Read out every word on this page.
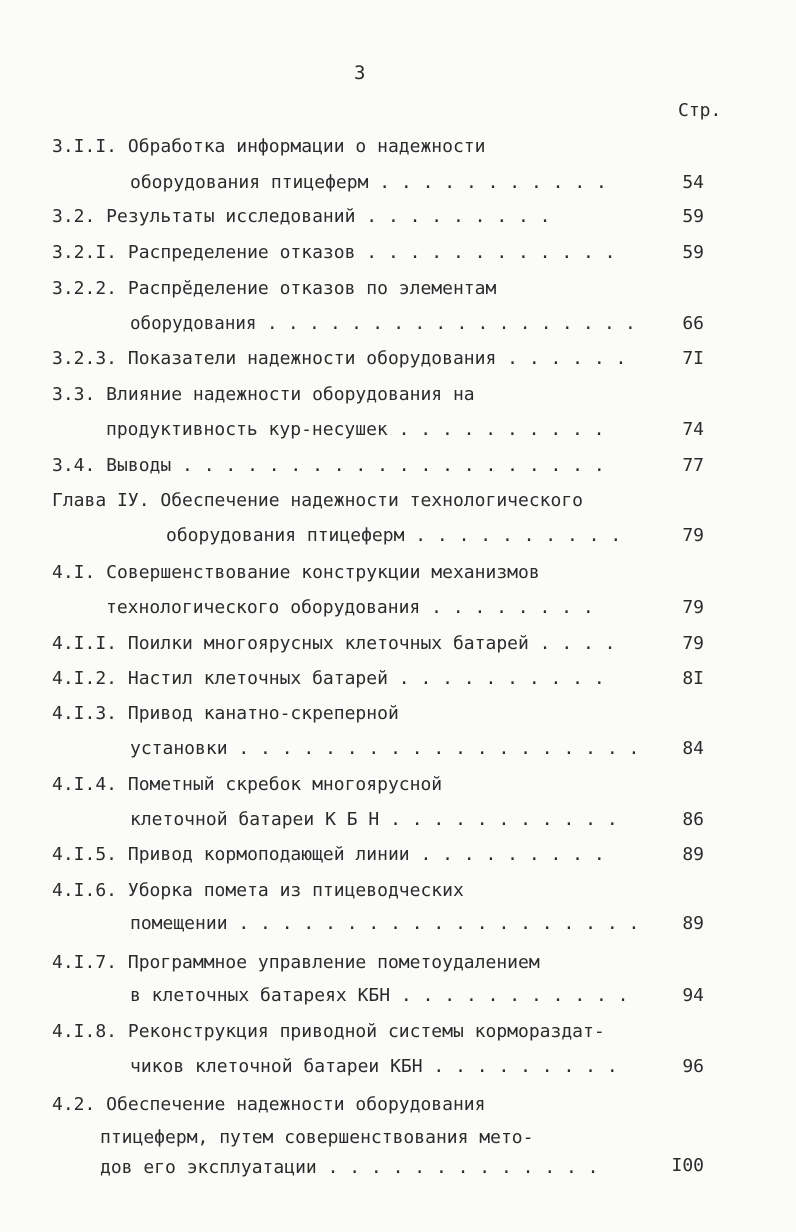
3
Стр.
3.I.I. Обработка информации о надежности
оборудования птицеферм . . . . . . . . . . .	54
3.2. Результаты исследований . . . . . . . . .	59
3.2.I. Распределение отказов . . . . . . . . . . . .	59
3.2.2. Распрĕделение отказов по элементам
оборудования . . . . . . . . . . . . . . . . . .	66
3.2.3. Показатели надежности оборудования . . . . . .	7I
3.3. Влияние надежности оборудования на
продуктивность кур-несушек . . . . . . . . . .	74
3.4. Выводы . . . . . . . . . . . . . . . . . . . .	77
Глава IУ. Обеспечение надежности технологического
оборудования птицеферм . . . . . . . . . .	79
4.I. Совершенствование конструкции механизмов
технологического оборудования . . . . . . . .	79
4.I.I. Поилки многоярусных клеточных батарей . . . .	79
4.I.2. Настил клеточных батарей . . . . . . . . . .	8I
4.I.3. Привод канатно-скреперной
установки . . . . . . . . . . . . . . . . . . .	84
4.I.4. Пометный скребок многоярусной
клеточной батареи К Б Н . . . . . . . . . . .	86
4.I.5. Привод кормоподающей линии . . . . . . . . .	89
4.I.6. Уборка помета из птицеводческих
помещении . . . . . . . . . . . . . . . . . . .	89
4.I.7. Программное управление пометоудалением
в клеточных батареях КБН . . . . . . . . . . .	94
4.I.8. Реконструкция приводной системы кормораздат-
чиков клеточной батареи КБН . . . . . . . . .	96
4.2. Обеспечение надежности оборудования
птицеферм, путем совершенствования мето-
дов его эксплуатации . . . . . . . . . . . . .	I00
